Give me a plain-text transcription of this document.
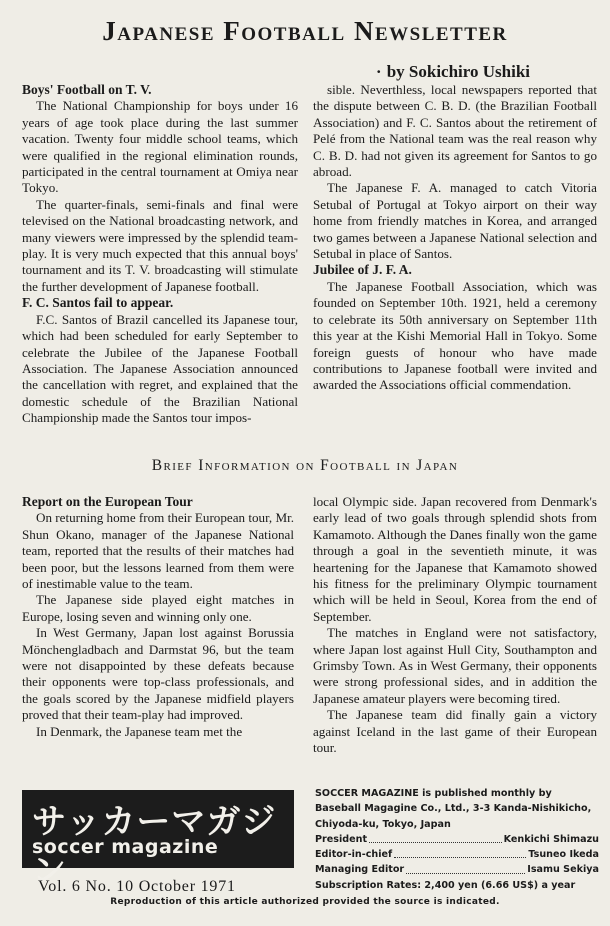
Japanese Football Newsletter
· by Sokichiro Ushiki
Boys' Football on T. V.

The National Championship for boys under 16 years of age took place during the last summer vacation. Twenty four middle school teams, which were qualified in the regional elimination rounds, participated in the central tournament at Omiya near Tokyo.

The quarter-finals, semi-finals and final were televised on the National broadcasting network, and many viewers were impressed by the splendid team-play. It is very much expected that this annual boys' tournament and its T. V. broadcasting will stimulate the further development of Japanese football.

F. C. Santos fail to appear.

F.C. Santos of Brazil cancelled its Japanese tour, which had been scheduled for early September to celebrate the Jubilee of the Japanese Football Association. The Japanese Association announced the cancellation with regret, and explained that the domestic schedule of the Brazilian National Championship made the Santos tour impos-

sible. Neverthless, local newspapers reported that the dispute between C. B. D. (the Brazilian Football Association) and F. C. Santos about the retirement of Pelé from the National team was the real reason why C. B. D. had not given its agreement for Santos to go abroad.

The Japanese F. A. managed to catch Vitoria Setubal of Portugal at Tokyo airport on their way home from friendly matches in Korea, and arranged two games between a Japanese National selection and Setubal in place of Santos.

Jubilee of J. F. A.

The Japanese Football Association, which was founded on September 10th. 1921, held a ceremony to celebrate its 50th anniversary on September 11th this year at the Kishi Memorial Hall in Tokyo. Some foreign guests of honour who have made contributions to Japanese football were invited and awarded the Associations official commendation.

Brief Information on Football in Japan
Report on the European Tour

On returning home from their European tour, Mr. Shun Okano, manager of the Japanese National team, reported that the results of their matches had been poor, but the lessons learned from them were of inestimable value to the team.

The Japanese side played eight matches in Europe, losing seven and winning only one.

In West Germany, Japan lost against Borussia Mönchengladbach and Darmstat 96, but the team were not disappointed by these defeats because their opponents were top-class professionals, and the goals scored by the Japanese midfield players proved that their team-play had improved.

In Denmark, the Japanese team met the

local Olympic side. Japan recovered from Denmark's early lead of two goals through splendid shots from Kamamoto. Although the Danes finally won the game through a goal in the seventieth minute, it was heartening for the Japanese that Kamamoto showed his fitness for the preliminary Olympic tournament which will be held in Seoul, Korea from the end of September.

The matches in England were not satisfactory, where Japan lost against Hull City, Southampton and Grimsby Town. As in West Germany, their opponents were strong professional sides, and in addition the Japanese amateur players were becoming tired.

The Japanese team did finally gain a victory against Iceland in the last game of their European tour.

サッカーマガジン
soccer magazine
Vol. 6 No. 10 October 1971
SOCCER MAGAZINE is published monthly by Baseball Magagine Co., Ltd., 3-3 Kanda-Nishikicho, Chiyoda-ku, Tokyo, Japan
President	Kenkichi Shimazu
Editor-in-chief	Tsuneo Ikeda
Managing Editor	Isamu Sekiya
Subscription Rates: 2,400 yen (6.66 US$) a year
Reproduction of this article authorized provided the source is indicated.
